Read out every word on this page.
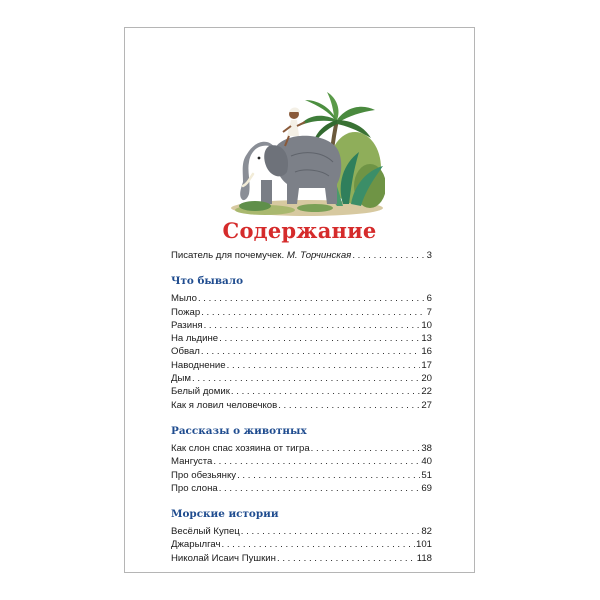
Содержание
Писатель для почемучек. М. Торчинская . . .	3
Что бывало
Мыло . . .	6
Пожар . . .	7
Разиня . . .	10
На льдине . . .	13
Обвал . . .	16
Наводнение . . .	17
Дым . . .	20
Белый домик . . .	22
Как я ловил человечков . . .	27
Рассказы о животных
Как слон спас хозяина от тигра . . .	38
Мангуста . . .	40
Про обезьянку . . .	51
Про слона . . .	69
Морские истории
Весёлый Купец . . .	82
Джарылгач . . .	101
Николай Исаич Пушкин . . .	118
